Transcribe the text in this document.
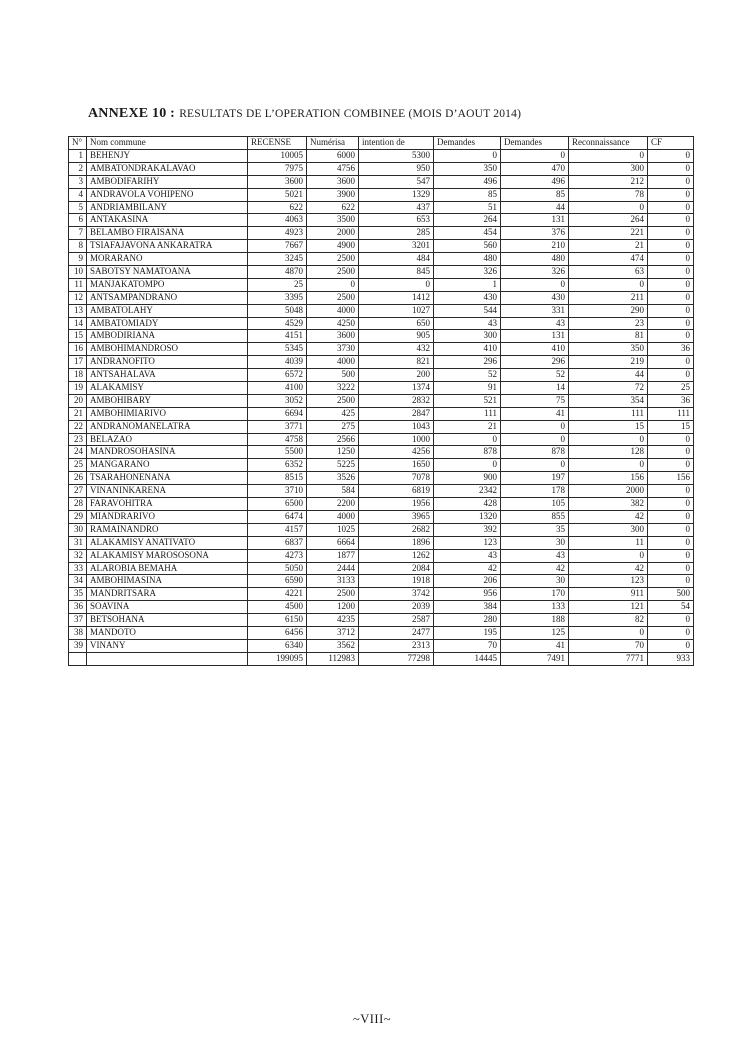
ANNEXE 10 : RESULTATS DE L’OPERATION COMBINEE (MOIS D’AOUT 2014)
N°	Nom commune	RECENSE	Numérisa	intention de	Demandes	Demandes	Reconnaissance	CF
1	BEHENJY	10005	6000	5300	0	0	0	0
2	AMBATONDRAKALAVAO	7975	4756	950	350	470	300	0
3	AMBODIFARIHY	3600	3600	547	496	496	212	0
4	ANDRAVOLA VOHIPENO	5021	3900	1329	85	85	78	0
5	ANDRIAMBILANY	622	622	437	51	44	0	0
6	ANTAKASINA	4063	3500	653	264	131	264	0
7	BELAMBO FIRAISANA	4923	2000	285	454	376	221	0
8	TSIAFAJAVONA ANKARATRA	7667	4900	3201	560	210	21	0
9	MORARANO	3245	2500	484	480	480	474	0
10	SABOTSY NAMATOANA	4870	2500	845	326	326	63	0
11	MANJAKATOMPO	25	0	0	1	0	0	0
12	ANTSAMPANDRANO	3395	2500	1412	430	430	211	0
13	AMBATOLAHY	5048	4000	1027	544	331	290	0
14	AMBATOMIADY	4529	4250	650	43	43	23	0
15	AMBODIRIANA	4151	3600	905	300	131	81	0
16	AMBOHIMANDROSO	5345	3730	432	410	410	350	36
17	ANDRANOFITO	4039	4000	821	296	296	219	0
18	ANTSAHALAVA	6572	500	200	52	52	44	0
19	ALAKAMISY	4100	3222	1374	91	14	72	25
20	AMBOHIBARY	3052	2500	2832	521	75	354	36
21	AMBOHIMIARIVO	6694	425	2847	111	41	111	111
22	ANDRANOMANELATRA	3771	275	1043	21	0	15	15
23	BELAZAO	4758	2566	1000	0	0	0	0
24	MANDROSOHASINA	5500	1250	4256	878	878	128	0
25	MANGARANO	6352	5225	1650	0	0	0	0
26	TSARAHONENANA	8515	3526	7078	900	197	156	156
27	VINANINKARENA	3710	584	6819	2342	178	2000	0
28	FARAVOHITRA	6500	2200	1956	428	105	382	0
29	MIANDRARIVO	6474	4000	3965	1320	855	42	0
30	RAMAINANDRO	4157	1025	2682	392	35	300	0
31	ALAKAMISY ANATIVATO	6837	6664	1896	123	30	11	0
32	ALAKAMISY MAROSOSONA	4273	1877	1262	43	43	0	0
33	ALAROBIA BEMAHA	5050	2444	2084	42	42	42	0
34	AMBOHIMASINA	6590	3133	1918	206	30	123	0
35	MANDRITSARA	4221	2500	3742	956	170	911	500
36	SOAVINA	4500	1200	2039	384	133	121	54
37	BETSOHANA	6150	4235	2587	280	188	82	0
38	MANDOTO	6456	3712	2477	195	125	0	0
39	VINANY	6340	3562	2313	70	41	70	0
		199095	112983	77298	14445	7491	7771	933
~VIII~
